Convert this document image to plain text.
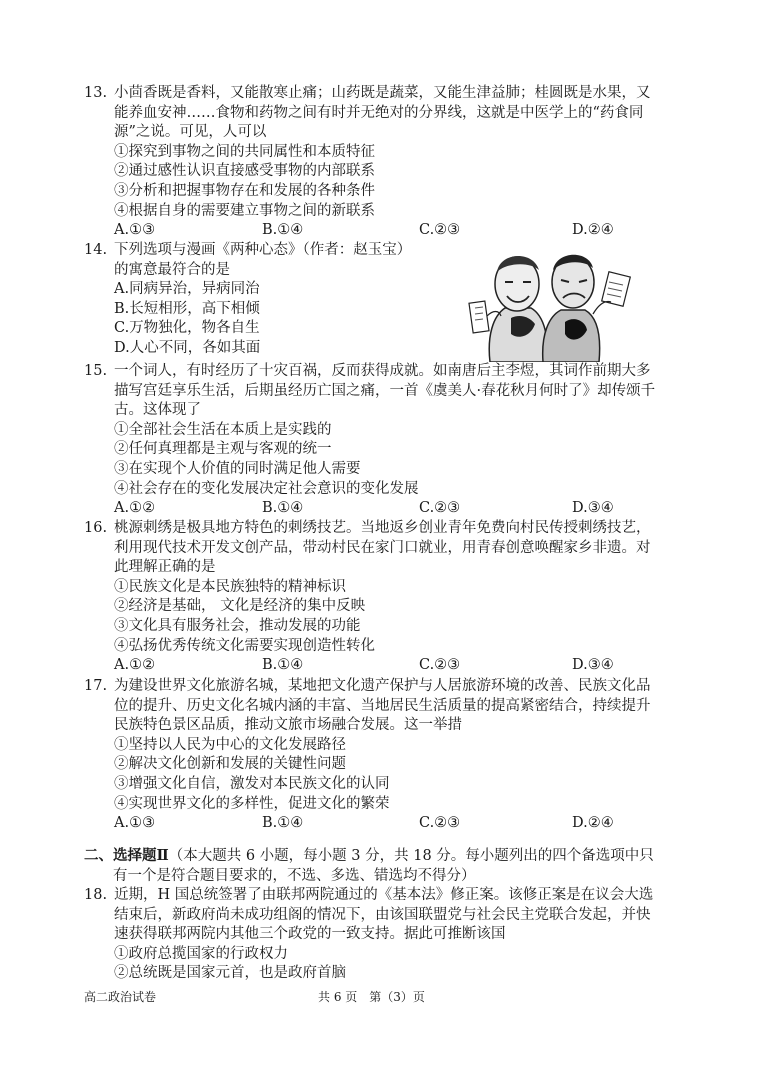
13. 小茴香既是香料，又能散寒止痛；山药既是蔬菜，又能生津益肺；桂圆既是水果，又

能养血安神……食物和药物之间有时并无绝对的分界线，这就是中医学上的“药食同

源”之说。可见，人可以

①探究到事物之间的共同属性和本质特征

②通过感性认识直接感受事物的内部联系

③分析和把握事物存在和发展的各种条件

④根据自身的需要建立事物之间的新联系

A.①③	B.①④	C.②③	D.②④
14. 下列选项与漫画《两种心态》（作者：赵玉宝）

的寓意最符合的是

A.同病异治，异病同治

B.长短相形，高下相倾

C.万物独化，物各自生

D.人心不同，各如其面

15. 一个词人，有时经历了十灾百祸，反而获得成就。如南唐后主李煜，其词作前期大多

描写宫廷享乐生活，后期虽经历亡国之痛，一首《虞美人·春花秋月何时了》却传颂千

古。这体现了

①全部社会生活在本质上是实践的

②任何真理都是主观与客观的统一

③在实现个人价值的同时满足他人需要

④社会存在的变化发展决定社会意识的变化发展

A.①②	B.①④	C.②③	D.③④
16. 桃源刺绣是极具地方特色的刺绣技艺。当地返乡创业青年免费向村民传授刺绣技艺，

利用现代技术开发文创产品，带动村民在家门口就业，用青春创意唤醒家乡非遗。对

此理解正确的是

①民族文化是本民族独特的精神标识

②经济是基础， 文化是经济的集中反映

③文化具有服务社会，推动发展的功能

④弘扬优秀传统文化需要实现创造性转化

A.①②	B.①④	C.②③	D.③④
17. 为建设世界文化旅游名城，某地把文化遗产保护与人居旅游环境的改善、民族文化品

位的提升、历史文化名城内涵的丰富、当地居民生活质量的提高紧密结合，持续提升

民族特色景区品质，推动文旅市场融合发展。这一举措

①坚持以人民为中心的文化发展路径

②解决文化创新和发展的关键性问题

③增强文化自信，激发对本民族文化的认同

④实现世界文化的多样性，促进文化的繁荣

A.①③	B.①④	C.②③	D.②④
二、选择题Ⅱ（本大题共 6 小题，每小题 3 分，共 18 分。每小题列出的四个备选项中只
有一个是符合题目要求的，不选、多选、错选均不得分）
18. 近期，H 国总统签署了由联邦两院通过的《基本法》修正案。该修正案是在议会大选

结束后，新政府尚未成功组阁的情况下，由该国联盟党与社会民主党联合发起，并快

速获得联邦两院内其他三个政党的一致支持。据此可推断该国

①政府总揽国家的行政权力

②总统既是国家元首，也是政府首脑

高二政治试卷	共 6 页　第（3）页
